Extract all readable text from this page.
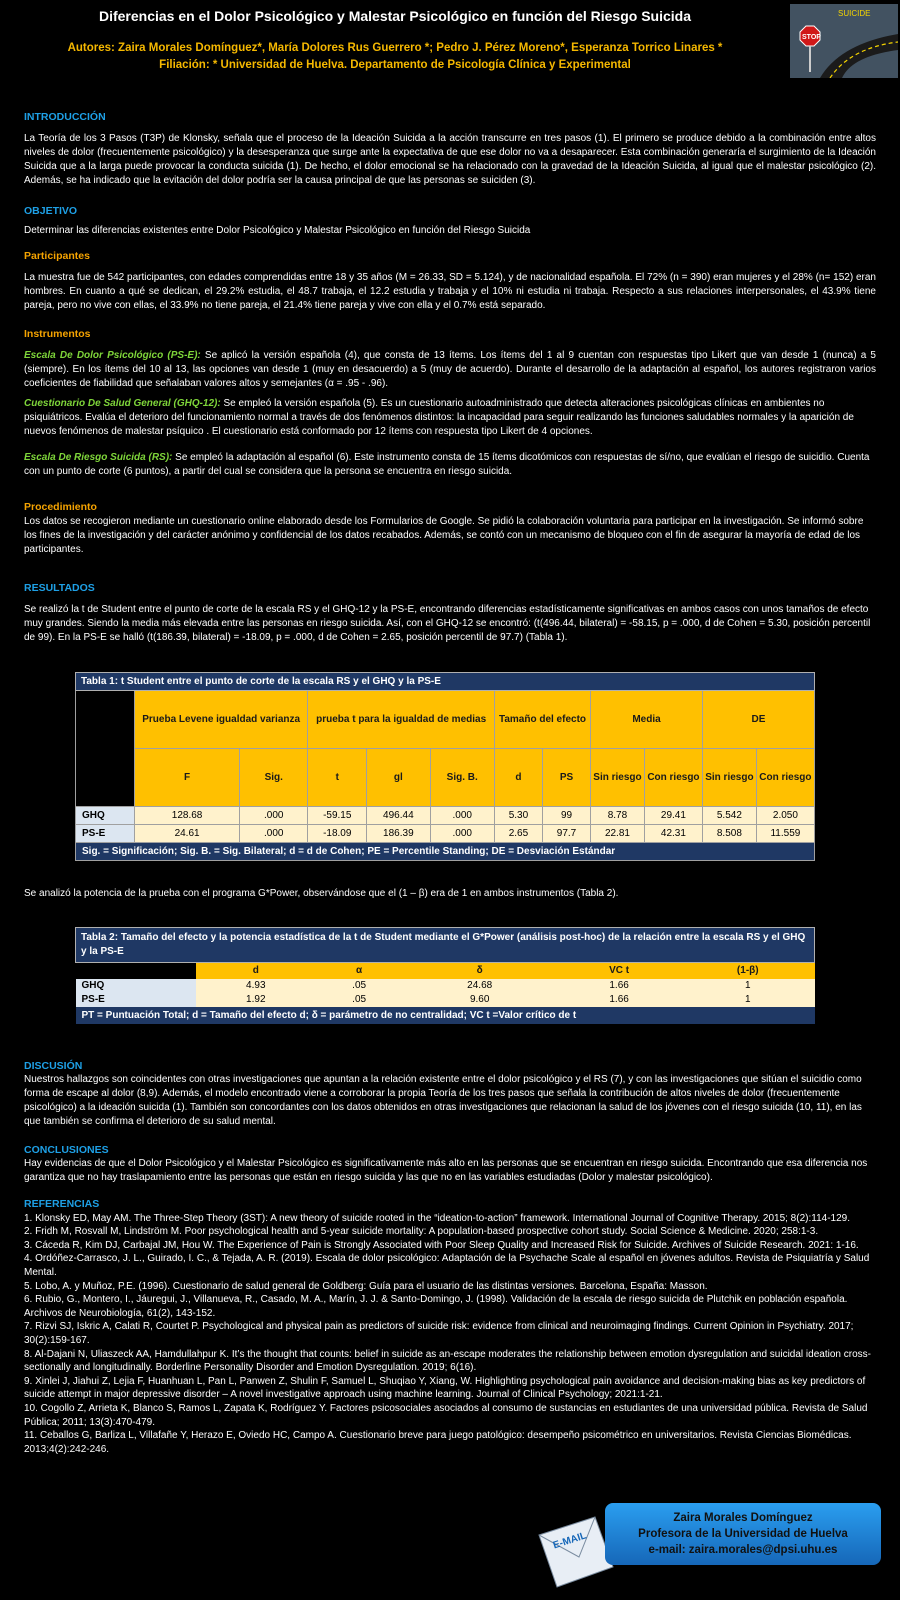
Diferencias en el Dolor Psicológico y Malestar Psicológico en función del Riesgo Suicida
Autores: Zaira Morales Domínguez*, María Dolores Rus Guerrero *; Pedro J. Pérez Moreno*, Esperanza Torrico Linares *
Filiación: * Universidad de Huelva. Departamento de Psicología Clínica y Experimental
SUICIDE
STOP

INTRODUCCIÓN

La Teoría de los 3 Pasos (T3P) de Klonsky, señala que el proceso de la Ideación Suicida a la acción transcurre en tres pasos (1). El primero se produce debido a la combinación entre altos niveles de dolor (frecuentemente psicológico) y la desesperanza que surge ante la expectativa de que ese dolor no va a desaparecer. Esta combinación generaría el surgimiento de la Ideación Suicida que a la larga puede provocar la conducta suicida (1). De hecho, el dolor emocional se ha relacionado con la gravedad de la Ideación Suicida, al igual que el malestar psicológico (2). Además, se ha indicado que la evitación del dolor podría ser la causa principal de que las personas se suiciden (3).

OBJETIVO

Determinar las diferencias existentes entre Dolor Psicológico y Malestar Psicológico en función del Riesgo Suicida

Participantes

La muestra fue de 542 participantes, con edades comprendidas entre 18 y 35 años (M = 26.33, SD = 5.124), y de nacionalidad española. El 72% (n = 390) eran mujeres y el 28% (n= 152) eran hombres. En cuanto a qué se dedican, el 29.2% estudia, el 48.7 trabaja, el 12.2 estudia y trabaja y el 10% ni estudia ni trabaja. Respecto a sus relaciones interpersonales, el 43.9% tiene pareja, pero no vive con ellas, el 33.9% no tiene pareja, el 21.4% tiene pareja y vive con ella y el 0.7% está separado.

Instrumentos

Escala De Dolor Psicológico (PS-E): Se aplicó la versión española (4), que consta de 13 ítems. Los ítems del 1 al 9 cuentan con respuestas tipo Likert que van desde 1 (nunca) a 5 (siempre). En los ítems del 10 al 13, las opciones van desde 1 (muy en desacuerdo) a 5 (muy de acuerdo). Durante el desarrollo de la adaptación al español, los autores registraron varios coeficientes de fiabilidad que señalaban valores altos y semejantes (α = .95 - .96).

Cuestionario De Salud General (GHQ-12): Se empleó la versión española (5). Es un cuestionario autoadministrado que detecta alteraciones psicológicas clínicas en ambientes no psiquiátricos. Evalúa el deterioro del funcionamiento normal a través de dos fenómenos distintos: la incapacidad para seguir realizando las funciones saludables normales y la aparición de nuevos fenómenos de malestar psíquico . El cuestionario está conformado por 12 ítems con respuesta tipo Likert de 4 opciones.

Escala De Riesgo Suicida (RS): Se empleó la adaptación al español (6). Este instrumento consta de 15 ítems dicotómicos con respuestas de sí/no, que evalúan el riesgo de suicidio. Cuenta con un punto de corte (6 puntos), a partir del cual se considera que la persona se encuentra en riesgo suicida.

Procedimiento

Los datos se recogieron mediante un cuestionario online elaborado desde los Formularios de Google. Se pidió la colaboración voluntaria para participar en la investigación. Se informó sobre los fines de la investigación y del carácter anónimo y confidencial de los datos recabados. Además, se contó con un mecanismo de bloqueo con el fin de asegurar la mayoría de edad de los participantes.

RESULTADOS

Se realizó la t de Student entre el punto de corte de la escala RS y el GHQ-12 y la PS-E, encontrando diferencias estadísticamente significativas en ambos casos con unos tamaños de efecto muy grandes. Siendo la media más elevada entre las personas en riesgo suicida. Así, con el GHQ-12 se encontró: (t(496.44, bilateral) = -58.15, p = .000, d de Cohen = 5.30, posición percentil de 99). En la PS-E se halló (t(186.39, bilateral) = -18.09, p = .000, d de Cohen = 2.65, posición percentil de 97.7) (Tabla 1).

Tabla 1: t Student entre el punto de corte de la escala RS y el GHQ y la PS-E											
	Prueba Levene igualdad varianza		prueba t para la igualdad de medias			Tamaño del efecto		Media		DE	
	F	Sig.	t	gl	Sig. B.	d	PS	Sin riesgo	Con riesgo	Sin riesgo	Con riesgo
GHQ	128.68	.000	-59.15	496.44	.000	5.30	99	8.78	29.41	5.542	2.050
PS-E	24.61	.000	-18.09	186.39	.000	2.65	97.7	22.81	42.31	8.508	11.559
Sig. = Significación; Sig. B. = Sig. Bilateral; d = d de Cohen; PE = Percentile Standing; DE = Desviación Estándar											
Se analizó la potencia de la prueba con el programa G*Power, observándose que el (1 – β) era de 1 en ambos instrumentos (Tabla 2).
Tabla 2: Tamaño del efecto y la potencia estadística de la t de Student mediante el G*Power (análisis post-hoc) de la relación entre la escala RS y el GHQ y la PS-E					
	d	α	δ	VC t	(1-β)
GHQ	4.93	.05	24.68	1.66	1
PS-E	1.92	.05	9.60	1.66	1
PT = Puntuación Total; d = Tamaño del efecto d; δ = parámetro de no centralidad; VC t =Valor crítico de t					

DISCUSIÓN

Nuestros hallazgos son coincidentes con otras investigaciones que apuntan a la relación existente entre el dolor psicológico y el RS (7), y con las investigaciones que sitúan el suicidio como forma de escape al dolor (8,9). Además, el modelo encontrado viene a corroborar la propia Teoría de los tres pasos que señala la contribución de altos niveles de dolor (frecuentemente psicológico) a la ideación suicida (1). También son concordantes con los datos obtenidos en otras investigaciones que relacionan la salud de los jóvenes con el riesgo suicida (10, 11), en las que también se confirma el deterioro de su salud mental.

CONCLUSIONES

Hay evidencias de que el Dolor Psicológico y el Malestar Psicológico es significativamente más alto en las personas que se encuentran en riesgo suicida. Encontrando que esa diferencia nos garantiza que no hay traslapamiento entre las personas que están en riesgo suicida y las que no en las variables estudiadas (Dolor y malestar psicológico).

REFERENCIAS

1. Klonsky ED, May AM. The Three-Step Theory (3ST): A new theory of suicide rooted in the “ideation-to-action” framework. International Journal of Cognitive Therapy. 2015; 8(2):114-129.

2. Fridh M, Rosvall M, Lindström M. Poor psychological health and 5-year suicide mortality: A population-based prospective cohort study. Social Science & Medicine. 2020; 258:1-3.

3. Cáceda R, Kim DJ, Carbajal JM, Hou W. The Experience of Pain is Strongly Associated with Poor Sleep Quality and Increased Risk for Suicide. Archives of Suicide Research. 2021: 1-16.

4. Ordóñez-Carrasco, J. L., Guirado, I. C., & Tejada, A. R. (2019). Escala de dolor psicológico: Adaptación de la Psychache Scale al español en jóvenes adultos. Revista de Psiquiatría y Salud Mental.

5. Lobo, A. y Muñoz, P.E. (1996). Cuestionario de salud general de Goldberg: Guía para el usuario de las distintas versiones. Barcelona, España: Masson.

6. Rubio, G., Montero, I., Jáuregui, J., Villanueva, R., Casado, M. A., Marín, J. J. & Santo-Domingo, J. (1998). Validación de la escala de riesgo suicida de Plutchik en población española. Archivos de Neurobiología, 61(2), 143-152.

7. Rizvi SJ, Iskric A, Calati R, Courtet P. Psychological and physical pain as predictors of suicide risk: evidence from clinical and neuroimaging findings. Current Opinion in Psychiatry. 2017; 30(2):159-167.

8. Al-Dajani N, Uliaszeck AA, Hamdullahpur K. It’s the thought that counts: belief in suicide as an-escape moderates the relationship between emotion dysregulation and suicidal ideation cross-sectionally and longitudinally. Borderline Personality Disorder and Emotion Dysregulation. 2019; 6(16).

9. Xinlei J, Jiahui Z, Lejia F, Huanhuan L, Pan L, Panwen Z, Shulin F, Samuel L, Shuqiao Y, Xiang, W. Highlighting psychological pain avoidance and decision-making bias as key predictors of suicide attempt in major depressive disorder – A novel investigative approach using machine learning. Journal of Clinical Psychology; 2021:1-21.

10. Cogollo Z, Arrieta K, Blanco S, Ramos L, Zapata K, Rodríguez Y. Factores psicosociales asociados al consumo de sustancias en estudiantes de una universidad pública. Revista de Salud Pública; 2011; 13(3):470-479.

11. Ceballos G, Barliza L, Villafañe Y, Herazo E, Oviedo HC, Campo A. Cuestionario breve para juego patológico: desempeño psicométrico en universitarios. Revista Ciencias Biomédicas. 2013;4(2):242-246.

E-MAIL
Zaira Morales Domínguez
Profesora de la Universidad de Huelva
e-mail: zaira.morales@dpsi.uhu.es
